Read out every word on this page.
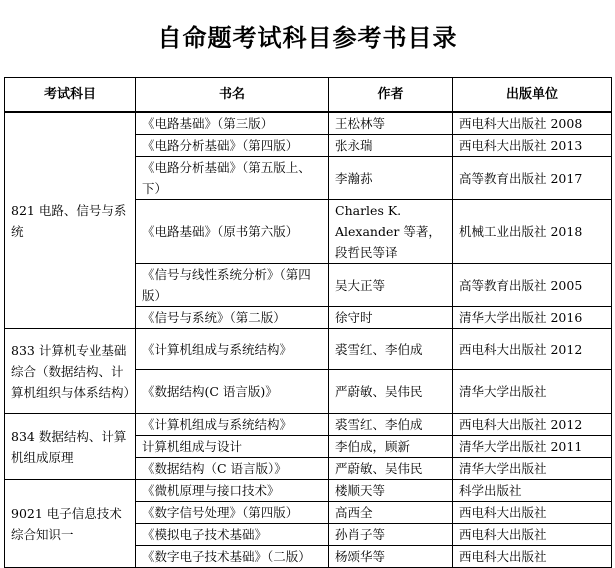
自命题考试科目参考书目录
考试科目	书名	作者	出版单位
821 电路、信号与系统	《电路基础》（第三版）	王松林等	西电科大出版社 2008
	《电路分析基础》（第四版）	张永瑞	西电科大出版社 2013
	《电路分析基础》（第五版上、下）	李瀚荪	高等教育出版社 2017
	《电路基础》（原书第六版）	Charles K. Alexander 等著，段哲民等译	机械工业出版社 2018
	《信号与线性系统分析》（第四版）	吴大正等	高等教育出版社 2005
	《信号与系统》（第二版）	徐守时	清华大学出版社 2016
833 计算机专业基础综合（数据结构、计算机组织与体系结构）	《计算机组成与系统结构》	裘雪红、李伯成	西电科大出版社 2012
	《数据结构(C 语言版)》	严蔚敏、吴伟民	清华大学出版社
834 数据结构、计算机组成原理	《计算机组成与系统结构》	裘雪红、李伯成	西电科大出版社 2012
	计算机组成与设计	李伯成，顾新	清华大学出版社 2011
	《数据结构（C 语言版）》	严蔚敏、吴伟民	清华大学出版社
9021 电子信息技术综合知识一	《微机原理与接口技术》	楼顺天等	科学出版社
	《数字信号处理》（第四版）	高西全	西电科大出版社
	《模拟电子技术基础》	孙肖子等	西电科大出版社
	《数字电子技术基础》（二版）	杨颂华等	西电科大出版社
